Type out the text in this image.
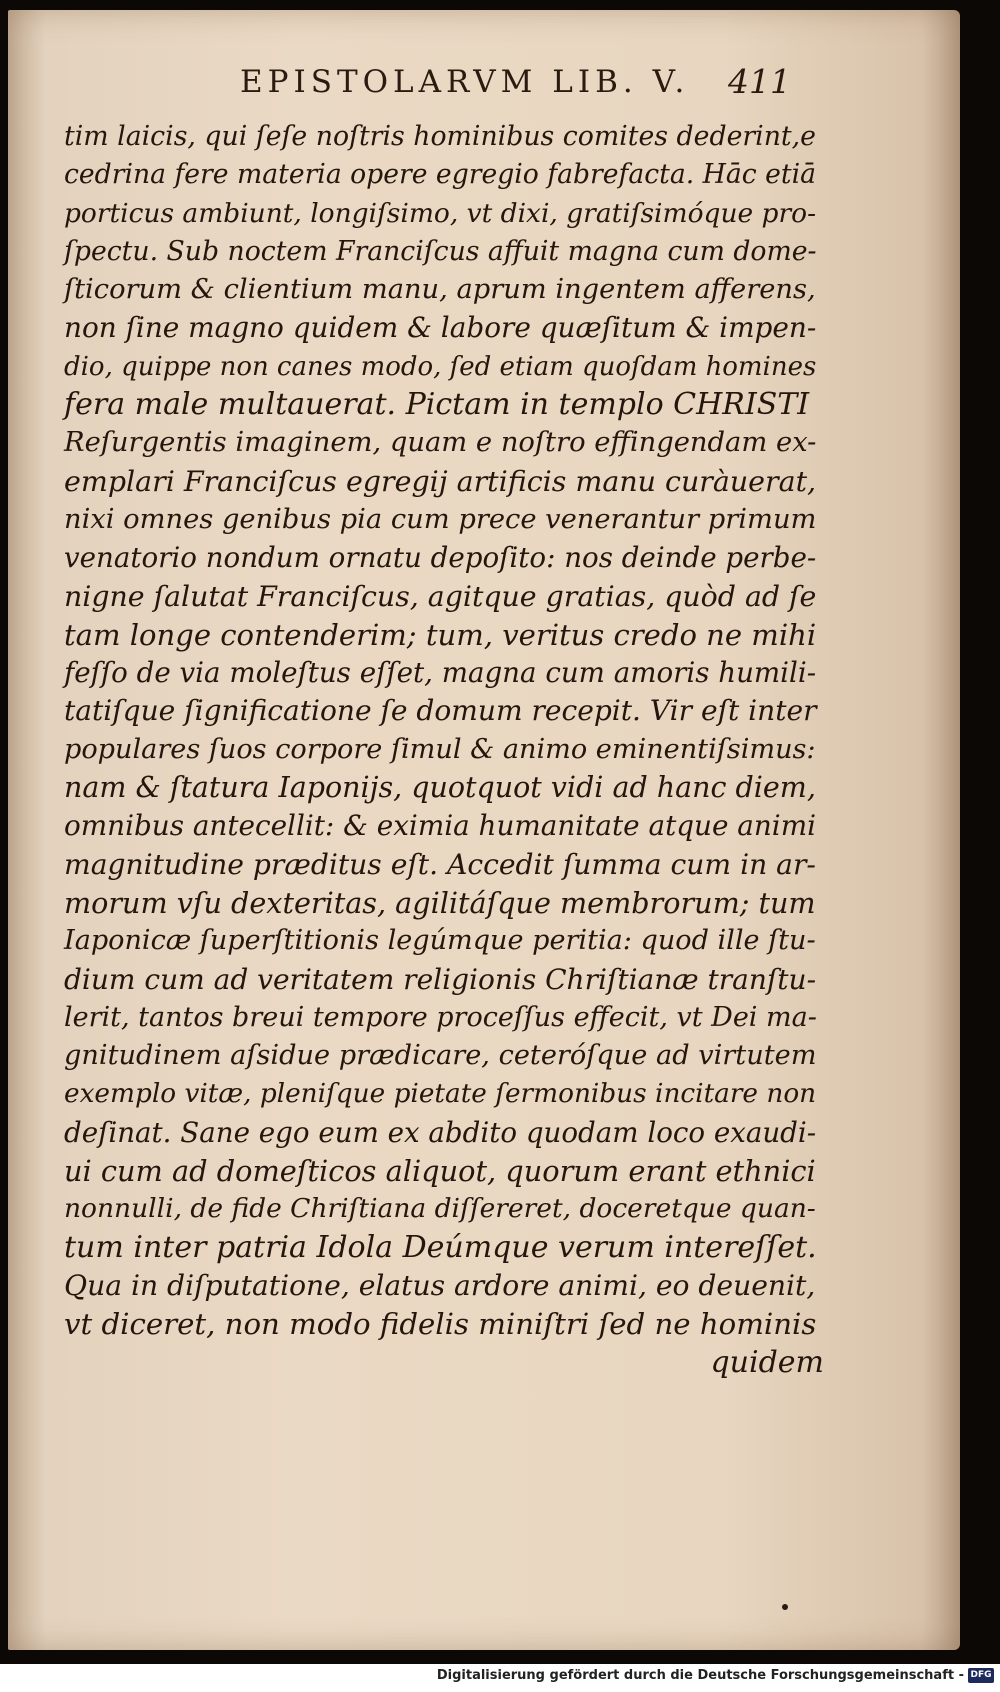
EPISTOLARVM LIB. V. 411
tim laicis, qui ſeſe noſtris hominibus comites dederint,e
cedrina fere materia opere egregio fabrefacta. Hāc etiā
porticus ambiunt, longiſsimo, vt dixi, gratiſsimóque pro-
ſpectu. Sub noctem Franciſcus affuit magna cum dome-
ſticorum & clientium manu, aprum ingentem afferens,
non ſine magno quidem & labore quæſitum & impen-
dio, quippe non canes modo, ſed etiam quoſdam homines
fera male multauerat. Pictam in templo CHRISTI
Reſurgentis imaginem, quam e noſtro effingendam ex-
emplari Franciſcus egregij artificis manu curàuerat,
nixi omnes genibus pia cum prece venerantur primum
venatorio nondum ornatu depoſito: nos deinde perbe-
nigne ſalutat Franciſcus, agitque gratias, quòd ad ſe
tam longe contenderim; tum, veritus credo ne mihi
feſſo de via moleſtus eſſet, magna cum amoris humili-
tatiſque ſignificatione ſe domum recepit. Vir eſt inter
populares ſuos corpore ſimul & animo eminentiſsimus:
nam & ſtatura Iaponijs, quotquot vidi ad hanc diem,
omnibus antecellit: & eximia humanitate atque animi
magnitudine præditus eſt. Accedit ſumma cum in ar-
morum vſu dexteritas, agilitáſque membrorum; tum
Iaponicæ ſuperſtitionis legúmque peritia: quod ille ſtu-
dium cum ad veritatem religionis Chriſtianæ tranſtu-
lerit, tantos breui tempore proceſſus effecit, vt Dei ma-
gnitudinem aſsidue prædicare, ceteróſque ad virtutem
exemplo vitæ, pleniſque pietate ſermonibus incitare non
deſinat. Sane ego eum ex abdito quodam loco exaudi-
ui cum ad domeſticos aliquot, quorum erant ethnici
nonnulli, de fide Chriſtiana diſſereret, doceretque quan-
tum inter patria Idola Deúmque verum intereſſet.
Qua in diſputatione, elatus ardore animi, eo deuenit,
vt diceret, non modo fidelis miniſtri ſed ne hominis
quidem
Digitalisierung gefördert durch die Deutsche Forschungsgemeinschaft - DFG
